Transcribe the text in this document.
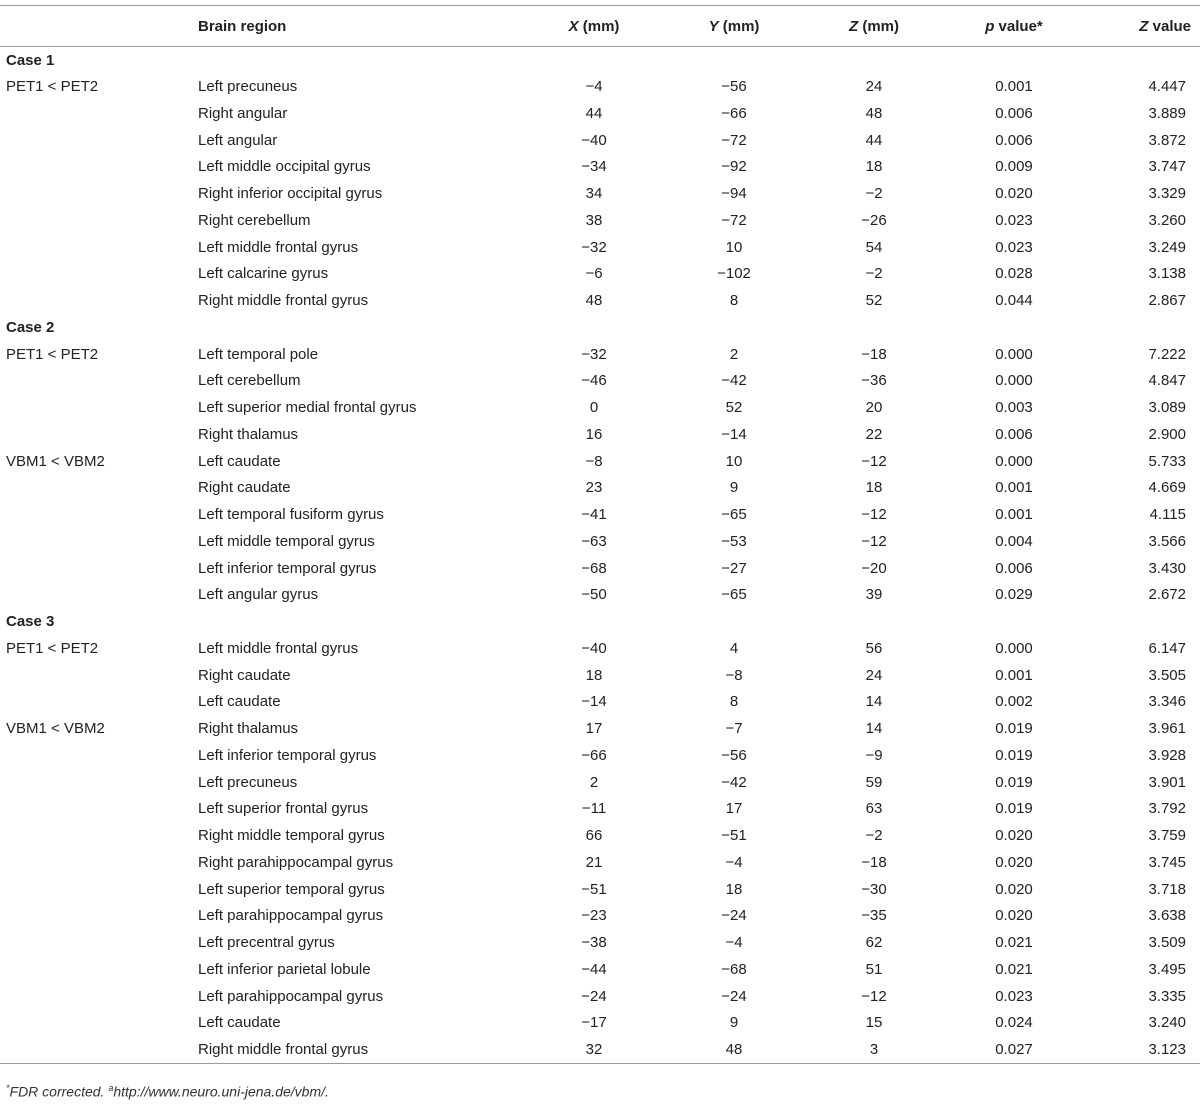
	Brain region	X (mm)	Y (mm)	Z (mm)	p value*	Z value
Case 1						
PET1 < PET2	Left precuneus	−4	−56	24	0.001	4.447
	Right angular	44	−66	48	0.006	3.889
	Left angular	−40	−72	44	0.006	3.872
	Left middle occipital gyrus	−34	−92	18	0.009	3.747
	Right inferior occipital gyrus	34	−94	−2	0.020	3.329
	Right cerebellum	38	−72	−26	0.023	3.260
	Left middle frontal gyrus	−32	10	54	0.023	3.249
	Left calcarine gyrus	−6	−102	−2	0.028	3.138
	Right middle frontal gyrus	48	8	52	0.044	2.867
Case 2						
PET1 < PET2	Left temporal pole	−32	2	−18	0.000	7.222
	Left cerebellum	−46	−42	−36	0.000	4.847
	Left superior medial frontal gyrus	0	52	20	0.003	3.089
	Right thalamus	16	−14	22	0.006	2.900
VBM1 < VBM2	Left caudate	−8	10	−12	0.000	5.733
	Right caudate	23	9	18	0.001	4.669
	Left temporal fusiform gyrus	−41	−65	−12	0.001	4.115
	Left middle temporal gyrus	−63	−53	−12	0.004	3.566
	Left inferior temporal gyrus	−68	−27	−20	0.006	3.430
	Left angular gyrus	−50	−65	39	0.029	2.672
Case 3						
PET1 < PET2	Left middle frontal gyrus	−40	4	56	0.000	6.147
	Right caudate	18	−8	24	0.001	3.505
	Left caudate	−14	8	14	0.002	3.346
VBM1 < VBM2	Right thalamus	17	−7	14	0.019	3.961
	Left inferior temporal gyrus	−66	−56	−9	0.019	3.928
	Left precuneus	2	−42	59	0.019	3.901
	Left superior frontal gyrus	−11	17	63	0.019	3.792
	Right middle temporal gyrus	66	−51	−2	0.020	3.759
	Right parahippocampal gyrus	21	−4	−18	0.020	3.745
	Left superior temporal gyrus	−51	18	−30	0.020	3.718
	Left parahippocampal gyrus	−23	−24	−35	0.020	3.638
	Left precentral gyrus	−38	−4	62	0.021	3.509
	Left inferior parietal lobule	−44	−68	51	0.021	3.495
	Left parahippocampal gyrus	−24	−24	−12	0.023	3.335
	Left caudate	−17	9	15	0.024	3.240
	Right middle frontal gyrus	32	48	3	0.027	3.123
*FDR corrected. $^a$http://www.neuro.uni-jena.de/vbm/.
